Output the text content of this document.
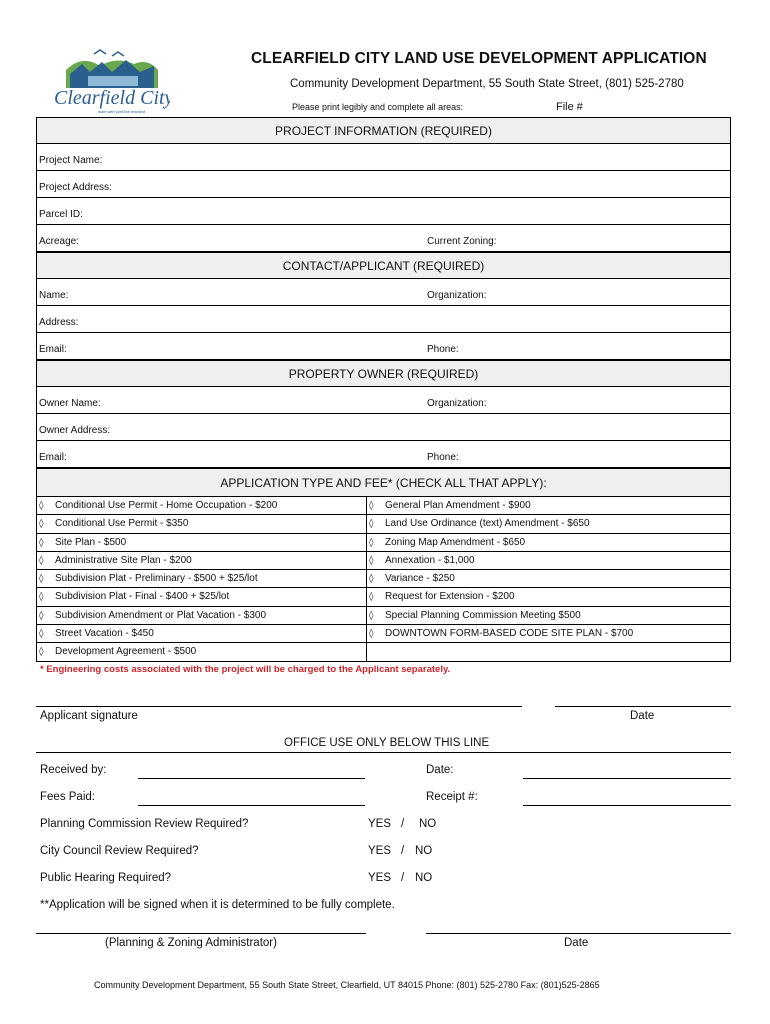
Clearfield City
want with joint the resident
CLEARFIELD CITY LAND USE DEVELOPMENT APPLICATION
Community Development Department, 55 South State Street, (801) 525-2780
Please print legibly and complete all areas:	File #
PROJECT INFORMATION (REQUIRED)
Project Name:
Project Address:
Parcel ID:
Acreage:	Current Zoning:
CONTACT/APPLICANT (REQUIRED)
Name:	Organization:
Address:
Email:	Phone:
PROPERTY OWNER (REQUIRED)
Owner Name:	Organization:
Owner Address:
Email:	Phone:
APPLICATION TYPE AND FEE* (CHECK ALL THAT APPLY):
◊ Conditional Use Permit - Home Occupation - $200	◊ General Plan Amendment - $900
◊ Conditional Use Permit - $350	◊ Land Use Ordinance (text) Amendment - $650
◊ Site Plan - $500	◊ Zoning Map Amendment - $650
◊ Administrative Site Plan - $200	◊ Annexation - $1,000
◊ Subdivision Plat - Preliminary - $500 + $25/lot	◊ Variance - $250
◊ Subdivision Plat - Final - $400 + $25/lot	◊ Request for Extension - $200
◊ Subdivision Amendment or Plat Vacation - $300	◊ Special Planning Commission Meeting $500
◊ Street Vacation - $450	◊ DOWNTOWN FORM-BASED CODE SITE PLAN - $700
◊ Development Agreement - $500
* Engineering costs associated with the project will be charged to the Applicant separately.
Applicant signature	Date
OFFICE USE ONLY BELOW THIS LINE
Received by:	Date:
Fees Paid:	Receipt #:
Planning Commission Review Required?	YES / NO
City Council Review Required?	YES / NO
Public Hearing Required?	YES / NO
**Application will be signed when it is determined to be fully complete.
(Planning & Zoning Administrator)	Date
Community Development Department, 55 South State Street, Clearfield, UT 84015 Phone: (801) 525-2780 Fax: (801)525-2865
